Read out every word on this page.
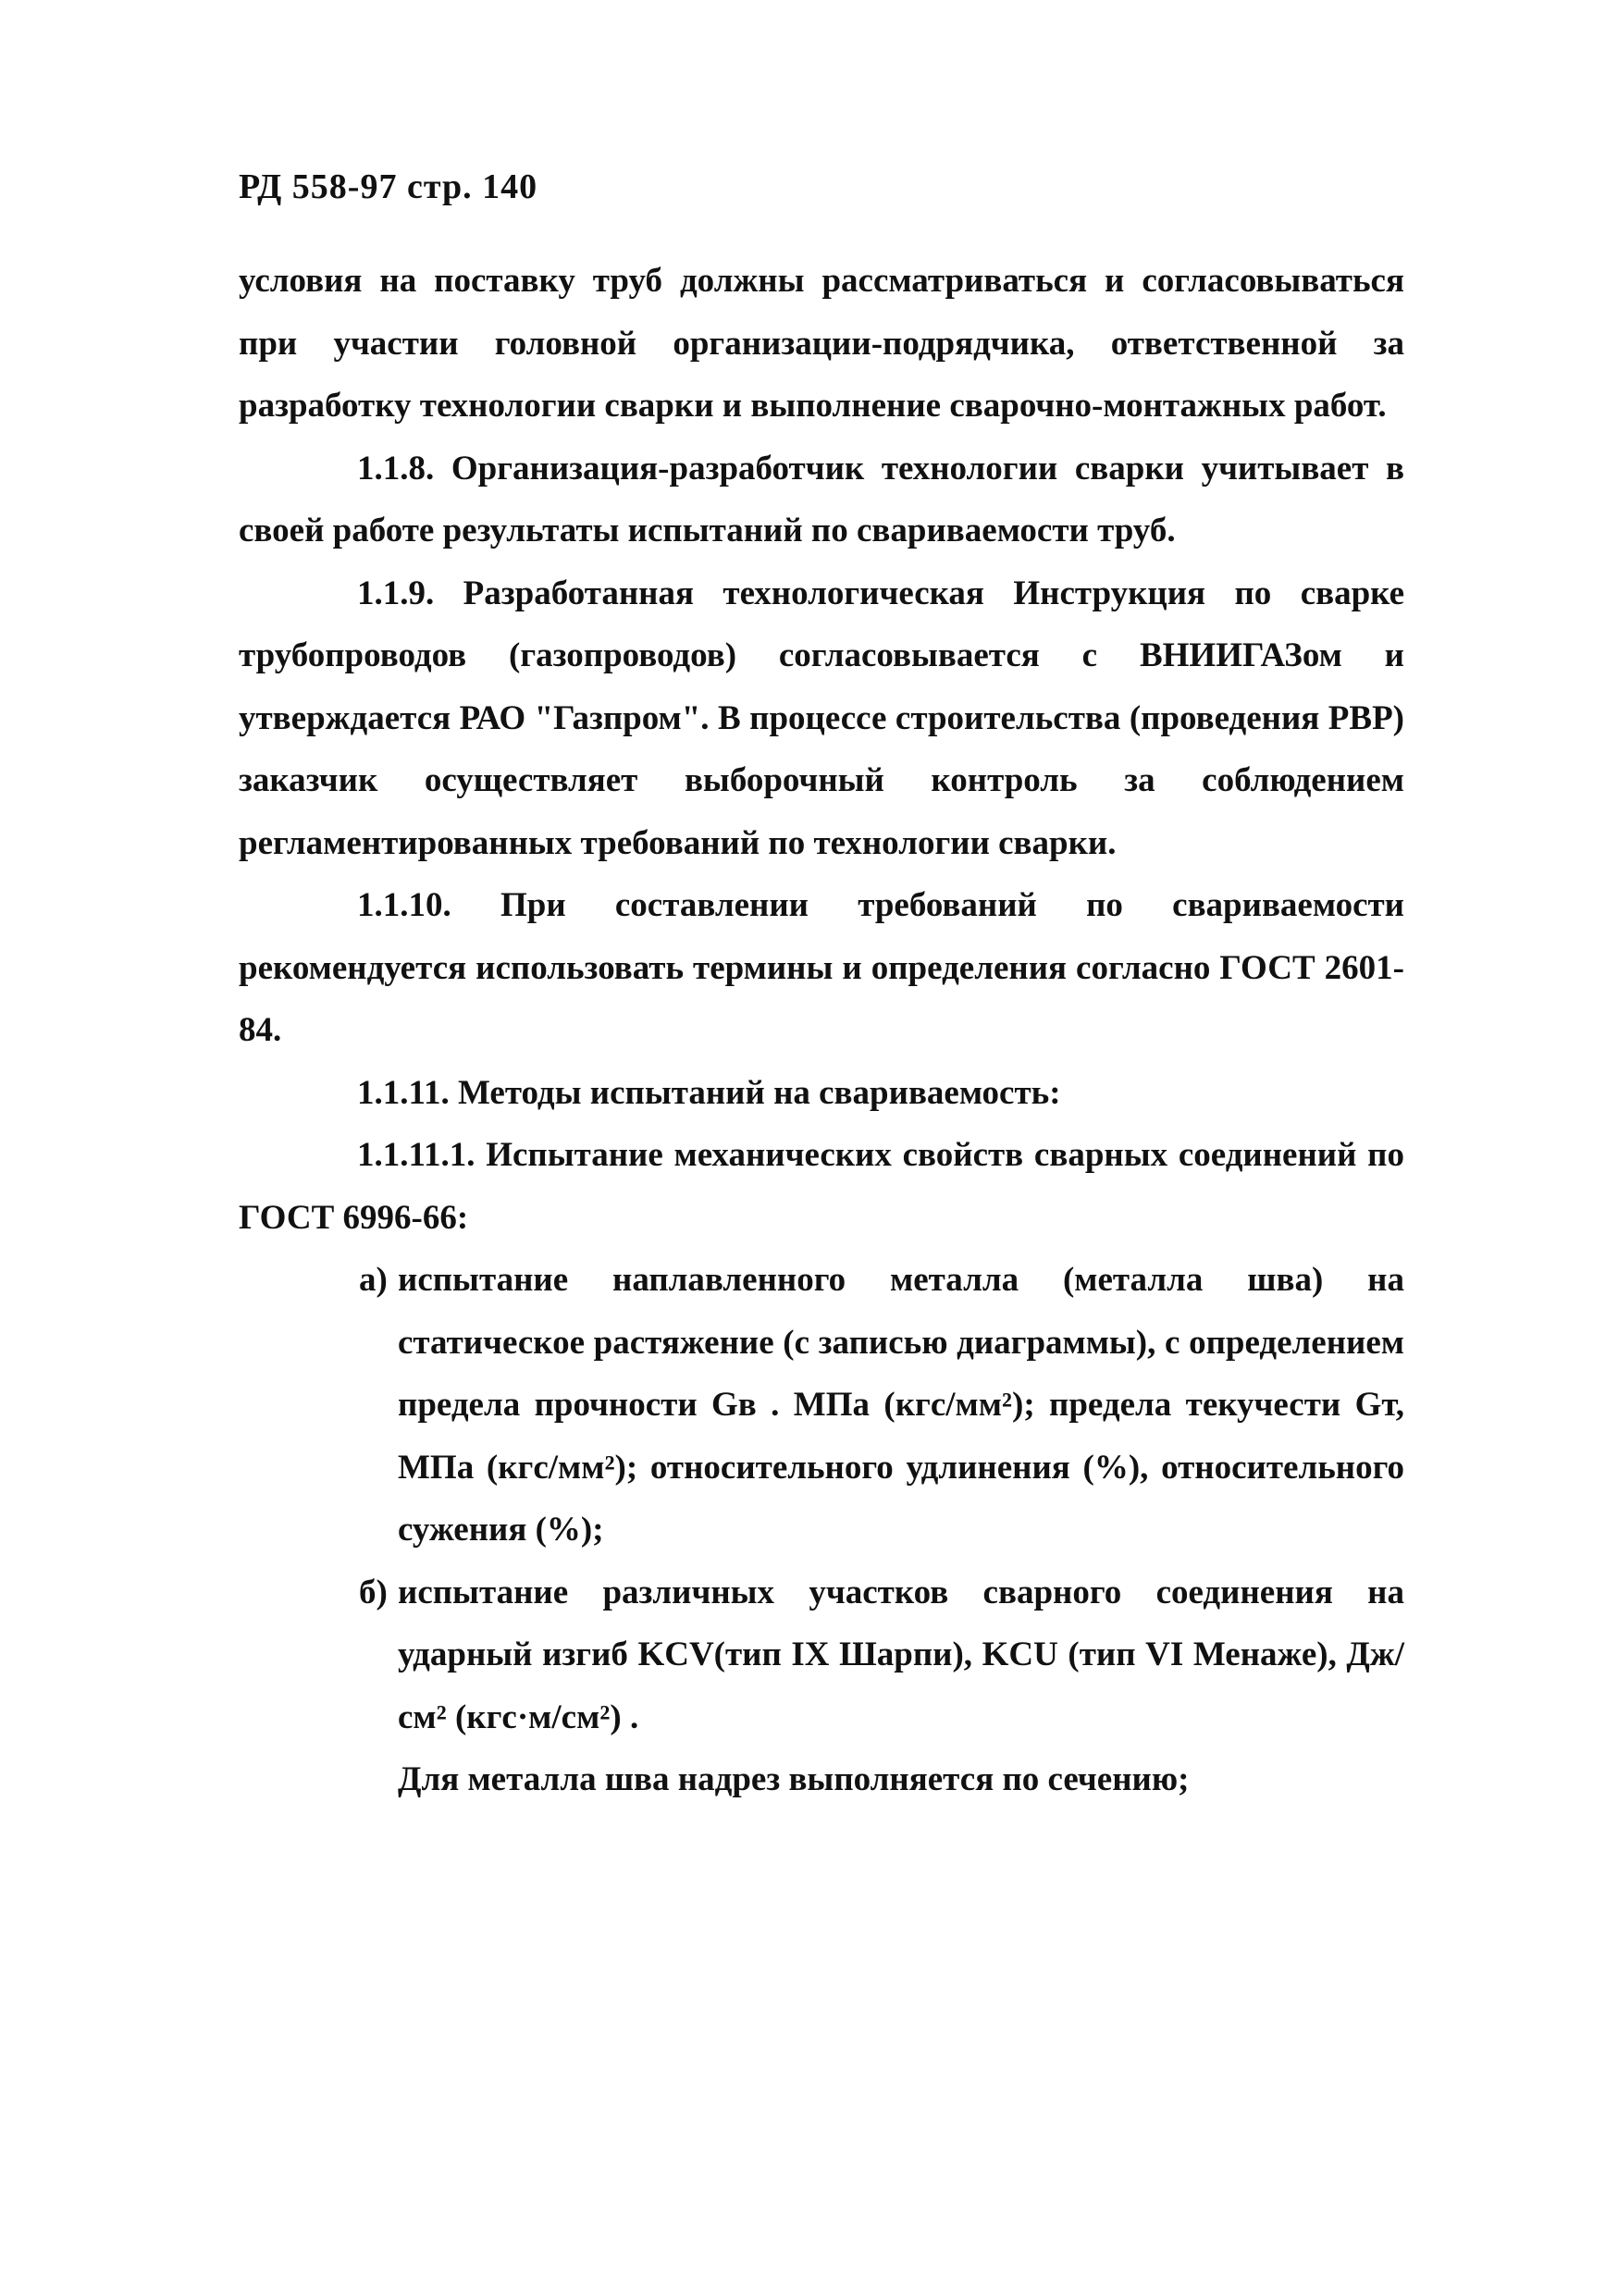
РД 558-97 стр. 140

условия на поставку труб должны рассматриваться и согласовываться при участии головной организации-подрядчика, ответственной за разработку технологии сварки и выполнение сварочно-монтажных работ.

1.1.8. Организация-разработчик технологии сварки учитывает в своей работе результаты испытаний по свариваемости труб.

1.1.9. Разработанная технологическая Инструкция по сварке трубопроводов (газопроводов) согласовывается с ВНИИГАЗом и утверждается РАО "Газпром". В процессе строительства (проведения РВР) заказчик осуществляет выборочный контроль за соблюдением регламентированных требований по технологии сварки.

1.1.10. При составлении требований по свариваемости рекомендуется использовать термины и определения согласно ГОСТ 2601-84.

1.1.11. Методы испытаний на свариваемость:

1.1.11.1. Испытание механических свойств сварных соединений по ГОСТ 6996-66:

а) испытание наплавленного металла (металла шва) на статическое растяжение (с записью диаграммы), с определением предела прочности Gв . МПа (кгс/мм²); предела текучести Gт, МПа (кгс/мм²); относительного удлинения (%), относительного сужения (%);

б) испытание различных участков сварного соединения на ударный изгиб KCV(тип IX Шарпи), KCU (тип VI Менаже), Дж/см² (кгс·м/см²) .

Для металла шва надрез выполняется по сечению;
